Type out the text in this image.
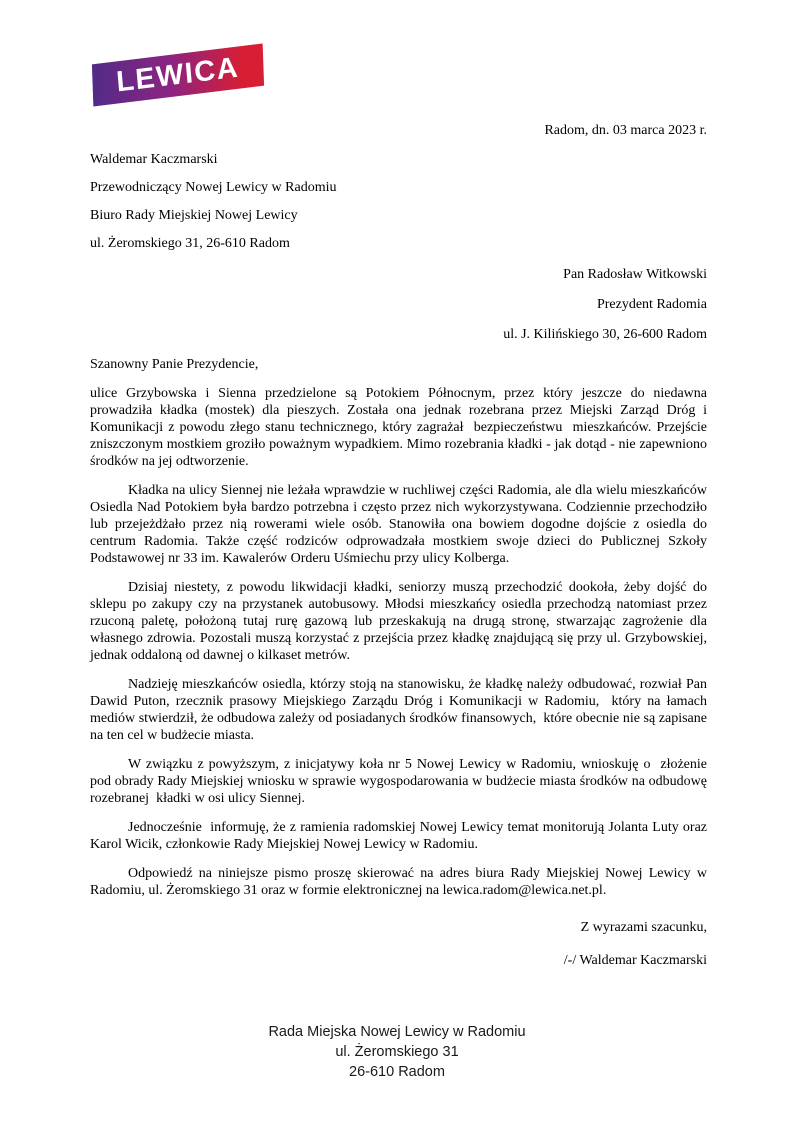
LEWICA
Radom, dn. 03 marca 2023 r.

Waldemar Kaczmarski

Przewodniczący Nowej Lewicy w Radomiu

Biuro Rady Miejskiej Nowej Lewicy

ul. Żeromskiego 31, 26-610 Radom

Pan Radosław Witkowski

Prezydent Radomia

ul. J. Kilińskiego 30, 26-600 Radom

Szanowny Panie Prezydencie,

ulice Grzybowska i Sienna przedzielone są Potokiem Północnym, przez który jeszcze do niedawna prowadziła kładka (mostek) dla pieszych. Została ona jednak rozebrana przez Miejski Zarząd Dróg i Komunikacji z powodu złego stanu technicznego, który zagrażał  bezpieczeństwu  mieszkańców. Przejście zniszczonym mostkiem groziło poważnym wypadkiem. Mimo rozebrania kładki - jak dotąd - nie zapewniono środków na jej odtworzenie.

Kładka na ulicy Siennej nie leżała wprawdzie w ruchliwej części Radomia, ale dla wielu mieszkańców Osiedla Nad Potokiem była bardzo potrzebna i często przez nich wykorzystywana. Codziennie przechodziło lub przejeżdżało przez nią rowerami wiele osób. Stanowiła ona bowiem dogodne dojście z osiedla do centrum Radomia. Także część rodziców odprowadzała mostkiem swoje dzieci do Publicznej Szkoły Podstawowej nr 33 im. Kawalerów Orderu Uśmiechu przy ulicy Kolberga.

Dzisiaj niestety, z powodu likwidacji kładki, seniorzy muszą przechodzić dookoła, żeby dojść do sklepu po zakupy czy na przystanek autobusowy. Młodsi mieszkańcy osiedla przechodzą natomiast przez rzuconą paletę, położoną tutaj rurę gazową lub przeskakują na drugą stronę, stwarzając zagrożenie dla własnego zdrowia. Pozostali muszą korzystać z przejścia przez kładkę znajdującą się przy ul. Grzybowskiej, jednak oddaloną od dawnej o kilkaset metrów.

Nadzieję mieszkańców osiedla, którzy stoją na stanowisku, że kładkę należy odbudować, rozwiał Pan Dawid Puton, rzecznik prasowy Miejskiego Zarządu Dróg i Komunikacji w Radomiu,  który na łamach mediów stwierdził, że odbudowa zależy od posiadanych środków finansowych,  które obecnie nie są zapisane na ten cel w budżecie miasta.

W związku z powyższym, z inicjatywy koła nr 5 Nowej Lewicy w Radomiu, wnioskuję o  złożenie pod obrady Rady Miejskiej wniosku w sprawie wygospodarowania w budżecie miasta środków na odbudowę  rozebranej  kładki w osi ulicy Siennej.

Jednocześnie  informuję, że z ramienia radomskiej Nowej Lewicy temat monitorują Jolanta Luty oraz  Karol Wicik, członkowie Rady Miejskiej Nowej Lewicy w Radomiu.

Odpowiedź na niniejsze pismo proszę skierować na adres biura Rady Miejskiej Nowej Lewicy w Radomiu, ul. Żeromskiego 31 oraz w formie elektronicznej na lewica.radom@lewica.net.pl.

Z wyrazami szacunku,

/-/ Waldemar Kaczmarski

Rada Miejska Nowej Lewicy w Radomiu

ul. Żeromskiego 31

26-610 Radom
